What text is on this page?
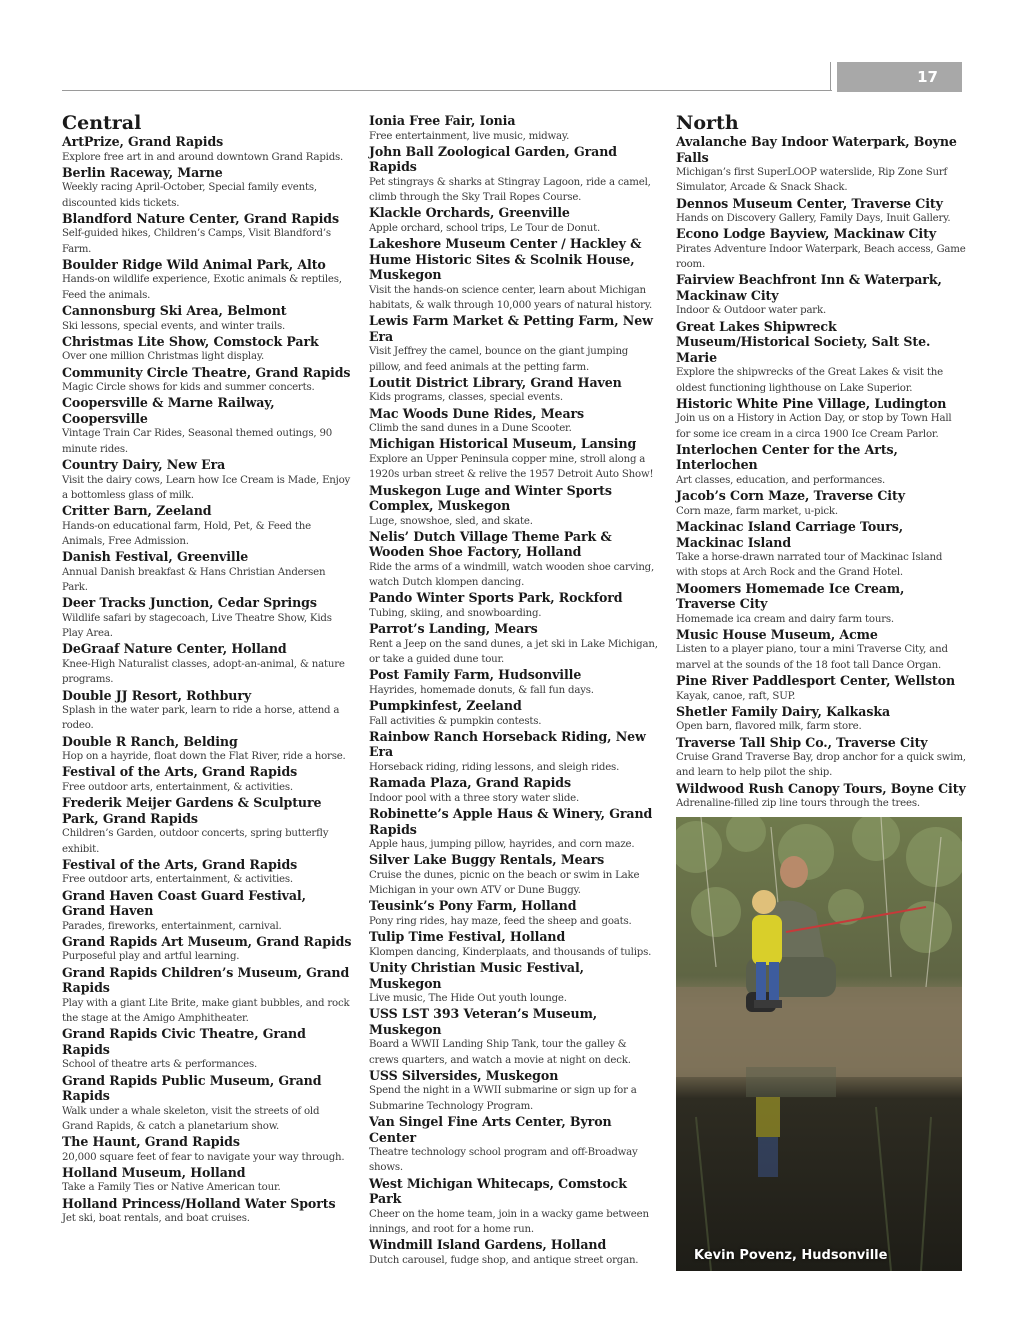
17
Central
ArtPrize, Grand Rapids
Explore free art in and around downtown Grand Rapids.
Berlin Raceway, Marne
Weekly racing April-October, Special family events, discounted kids tickets.
Blandford Nature Center, Grand Rapids
Self-guided hikes, Children’s Camps, Visit Blandford’s Farm.
Boulder Ridge Wild Animal Park, Alto
Hands-on wildlife experience, Exotic animals & reptiles, Feed the animals.
Cannonsburg Ski Area, Belmont
Ski lessons, special events, and winter trails.
Christmas Lite Show, Comstock Park
Over one million Christmas light display.
Community Circle Theatre, Grand Rapids
Magic Circle shows for kids and summer concerts.
Coopersville & Marne Railway, Coopersville
Vintage Train Car Rides, Seasonal themed outings, 90 minute rides.
Country Dairy, New Era
Visit the dairy cows, Learn how Ice Cream is Made, Enjoy a bottomless glass of milk.
Critter Barn, Zeeland
Hands-on educational farm, Hold, Pet, & Feed the Animals, Free Admission.
Danish Festival, Greenville
Annual Danish breakfast & Hans Christian Andersen Park.
Deer Tracks Junction, Cedar Springs
Wildlife safari by stagecoach, Live Theatre Show, Kids Play Area.
DeGraaf Nature Center, Holland
Knee-High Naturalist classes, adopt-an-animal, & nature programs.
Double JJ Resort, Rothbury
Splash in the water park, learn to ride a horse, attend a rodeo.
Double R Ranch, Belding
Hop on a hayride, float down the Flat River, ride a horse.
Festival of the Arts, Grand Rapids
Free outdoor arts, entertainment, & activities.
Frederik Meijer Gardens & Sculpture Park, Grand Rapids
Children’s Garden, outdoor concerts, spring butterfly exhibit.
Festival of the Arts, Grand Rapids
Free outdoor arts, entertainment, & activities.
Grand Haven Coast Guard Festival, Grand Haven
Parades, fireworks, entertainment, carnival.
Grand Rapids Art Museum, Grand Rapids
Purposeful play and artful learning.
Grand Rapids Children’s Museum, Grand Rapids
Play with a giant Lite Brite, make giant bubbles, and rock the stage at the Amigo Amphitheater.
Grand Rapids Civic Theatre, Grand Rapids
School of theatre arts & performances.
Grand Rapids Public Museum, Grand Rapids
Walk under a whale skeleton, visit the streets of old Grand Rapids, & catch a planetarium show.
The Haunt, Grand Rapids
20,000 square feet of fear to navigate your way through.
Holland Museum, Holland
Take a Family Ties or Native American tour.
Holland Princess/Holland Water Sports
Jet ski, boat rentals, and boat cruises.
Ionia Free Fair, Ionia
Free entertainment, live music, midway.
John Ball Zoological Garden, Grand Rapids
Pet stingrays & sharks at Stingray Lagoon, ride a camel, climb through the Sky Trail Ropes Course.
Klackle Orchards, Greenville
Apple orchard, school trips, Le Tour de Donut.
Lakeshore Museum Center / Hackley & Hume Historic Sites & Scolnik House, Muskegon
Visit the hands-on science center, learn about Michigan habitats, & walk through 10,000 years of natural history.
Lewis Farm Market & Petting Farm, New Era
Visit Jeffrey the camel, bounce on the giant jumping pillow, and feed animals at the petting farm.
Loutit District Library, Grand Haven
Kids programs, classes, special events.
Mac Woods Dune Rides, Mears
Climb the sand dunes in a Dune Scooter.
Michigan Historical Museum, Lansing
Explore an Upper Peninsula copper mine, stroll along a 1920s urban street & relive the 1957 Detroit Auto Show!
Muskegon Luge and Winter Sports Complex, Muskegon
Luge, snowshoe, sled, and skate.
Nelis’ Dutch Village Theme Park & Wooden Shoe Factory, Holland
Ride the arms of a windmill, watch wooden shoe carving, watch Dutch klompen dancing.
Pando Winter Sports Park, Rockford
Tubing, skiing, and snowboarding.
Parrot’s Landing, Mears
Rent a Jeep on the sand dunes, a jet ski in Lake Michigan, or take a guided dune tour.
Post Family Farm, Hudsonville
Hayrides, homemade donuts, & fall fun days.
Pumpkinfest, Zeeland
Fall activities & pumpkin contests.
Rainbow Ranch Horseback Riding, New Era
Horseback riding, riding lessons, and sleigh rides.
Ramada Plaza, Grand Rapids
Indoor pool with a three story water slide.
Robinette’s Apple Haus & Winery, Grand Rapids
Apple haus, jumping pillow, hayrides, and corn maze.
Silver Lake Buggy Rentals, Mears
Cruise the dunes, picnic on the beach or swim in Lake Michigan in your own ATV or Dune Buggy.
Teusink’s Pony Farm, Holland
Pony ring rides, hay maze, feed the sheep and goats.
Tulip Time Festival, Holland
Klompen dancing, Kinderplaats, and thousands of tulips.
Unity Christian Music Festival, Muskegon
Live music, The Hide Out youth lounge.
USS LST 393 Veteran’s Museum, Muskegon
Board a WWII Landing Ship Tank, tour the galley & crews quarters, and watch a movie at night on deck.
USS Silversides, Muskegon
Spend the night in a WWII submarine or sign up for a Submarine Technology Program.
Van Singel Fine Arts Center, Byron Center
Theatre technology school program and off-Broadway shows.
West Michigan Whitecaps, Comstock Park
Cheer on the home team, join in a wacky game between innings, and root for a home run.
Windmill Island Gardens, Holland
Dutch carousel, fudge shop, and antique street organ.
North
Avalanche Bay Indoor Waterpark, Boyne Falls
Michigan’s first SuperLOOP waterslide, Rip Zone Surf Simulator, Arcade & Snack Shack.
Dennos Museum Center, Traverse City
Hands on Discovery Gallery, Family Days, Inuit Gallery.
Econo Lodge Bayview, Mackinaw City
Pirates Adventure Indoor Waterpark, Beach access, Game room.
Fairview Beachfront Inn & Waterpark, Mackinaw City
Indoor & Outdoor water park.
Great Lakes Shipwreck Museum/Historical Society, Salt Ste. Marie
Explore the shipwrecks of the Great Lakes & visit the oldest functioning lighthouse on Lake Superior.
Historic White Pine Village, Ludington
Join us on a History in Action Day, or stop by Town Hall for some ice cream in a circa 1900 Ice Cream Parlor.
Interlochen Center for the Arts, Interlochen
Art classes, education, and performances.
Jacob’s Corn Maze, Traverse City
Corn maze, farm market, u-pick.
Mackinac Island Carriage Tours, Mackinac Island
Take a horse-drawn narrated tour of Mackinac Island with stops at Arch Rock and the Grand Hotel.
Moomers Homemade Ice Cream, Traverse City
Homemade ica cream and dairy farm tours.
Music House Museum, Acme
Listen to a player piano, tour a mini Traverse City, and marvel at the sounds of the 18 foot tall Dance Organ.
Pine River Paddlesport Center, Wellston
Kayak, canoe, raft, SUP.
Shetler Family Dairy, Kalkaska
Open barn, flavored milk, farm store.
Traverse Tall Ship Co., Traverse City
Cruise Grand Traverse Bay, drop anchor for a quick swim, and learn to help pilot the ship.
Wildwood Rush Canopy Tours, Boyne City
Adrenaline-filled zip line tours through the trees.
Kevin Povenz, Hudsonville
